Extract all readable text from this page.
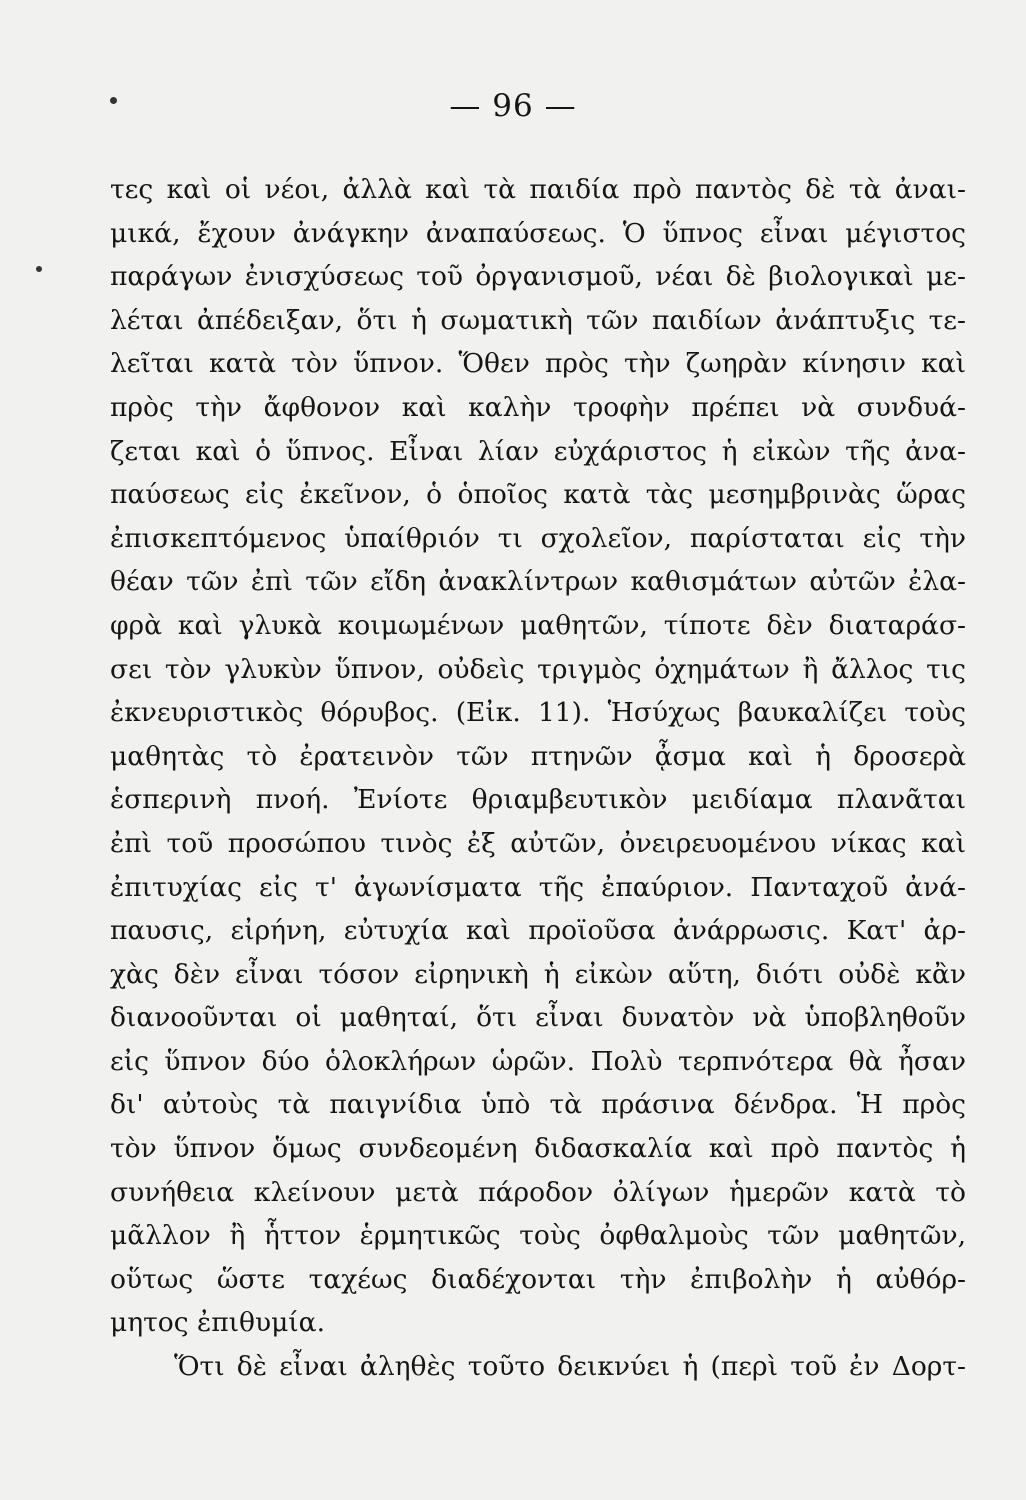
— 96 —
τες καὶ οἱ νέοι, ἀλλὰ καὶ τὰ παιδία πρὸ παντὸς δὲ τὰ ἀναι-
μικά, ἔχουν ἀνάγκην ἀναπαύσεως. Ὁ ὕπνος εἶναι μέγιστος
παράγων ἐνισχύσεως τοῦ ὀργανισμοῦ, νέαι δὲ βιολογικαὶ με-
λέται ἀπέδειξαν, ὅτι ἡ σωματικὴ τῶν παιδίων ἀνάπτυξις τε-
λεῖται κατὰ τὸν ὕπνον. Ὅθεν πρὸς τὴν ζωηρὰν κίνησιν καὶ
πρὸς τὴν ἄφθονον καὶ καλὴν τροφὴν πρέπει νὰ συνδυά-
ζεται καὶ ὁ ὕπνος. Εἶναι λίαν εὐχάριστος ἡ εἰκὼν τῆς ἀνα-
παύσεως εἰς ἐκεῖνον, ὁ ὁποῖος κατὰ τὰς μεσημβρινὰς ὥρας
ἐπισκεπτόμενος ὑπαίθριόν τι σχολεῖον, παρίσταται εἰς τὴν
θέαν τῶν ἐπὶ τῶν εἴδη ἀνακλίντρων καθισμάτων αὐτῶν ἐλα-
φρὰ καὶ γλυκὰ κοιμωμένων μαθητῶν, τίποτε δὲν διαταράσ-
σει τὸν γλυκὺν ὕπνον, οὐδεὶς τριγμὸς ὀχημάτων ἢ ἄλλος τις
ἐκνευριστικὸς θόρυβος. (Εἰκ. 11). Ἡσύχως βαυκαλίζει τοὺς
μαθητὰς τὸ ἐρατεινὸν τῶν πτηνῶν ᾆσμα καὶ ἡ δροσερὰ
ἑσπερινὴ πνοή. Ἐνίοτε θριαμβευτικὸν μειδίαμα πλανᾶται
ἐπὶ τοῦ προσώπου τινὸς ἐξ αὐτῶν, ὀνειρευομένου νίκας καὶ
ἐπιτυχίας εἰς τ' ἀγωνίσματα τῆς ἐπαύριον. Πανταχοῦ ἀνά-
παυσις, εἰρήνη, εὐτυχία καὶ προϊοῦσα ἀνάρρωσις. Κατ' ἀρ-
χὰς δὲν εἶναι τόσον εἰρηνικὴ ἡ εἰκὼν αὕτη, διότι οὐδὲ κἂν
διανοοῦνται οἱ μαθηταί, ὅτι εἶναι δυνατὸν νὰ ὑποβληθοῦν
εἰς ὕπνον δύο ὁλοκλήρων ὡρῶν. Πολὺ τερπνότερα θὰ ἦσαν
δι' αὐτοὺς τὰ παιγνίδια ὑπὸ τὰ πράσινα δένδρα. Ἡ πρὸς
τὸν ὕπνον ὅμως συνδεομένη διδασκαλία καὶ πρὸ παντὸς ἡ
συνήθεια κλείνουν μετὰ πάροδον ὀλίγων ἡμερῶν κατὰ τὸ
μᾶλλον ἢ ἧττον ἑρμητικῶς τοὺς ὀφθαλμοὺς τῶν μαθητῶν,
οὕτως ὥστε ταχέως διαδέχονται τὴν ἐπιβολὴν ἡ αὐθόρ-
μητος ἐπιθυμία.
Ὅτι δὲ εἶναι ἀληθὲς τοῦτο δεικνύει ἡ (περὶ τοῦ ἐν Δορτ-
